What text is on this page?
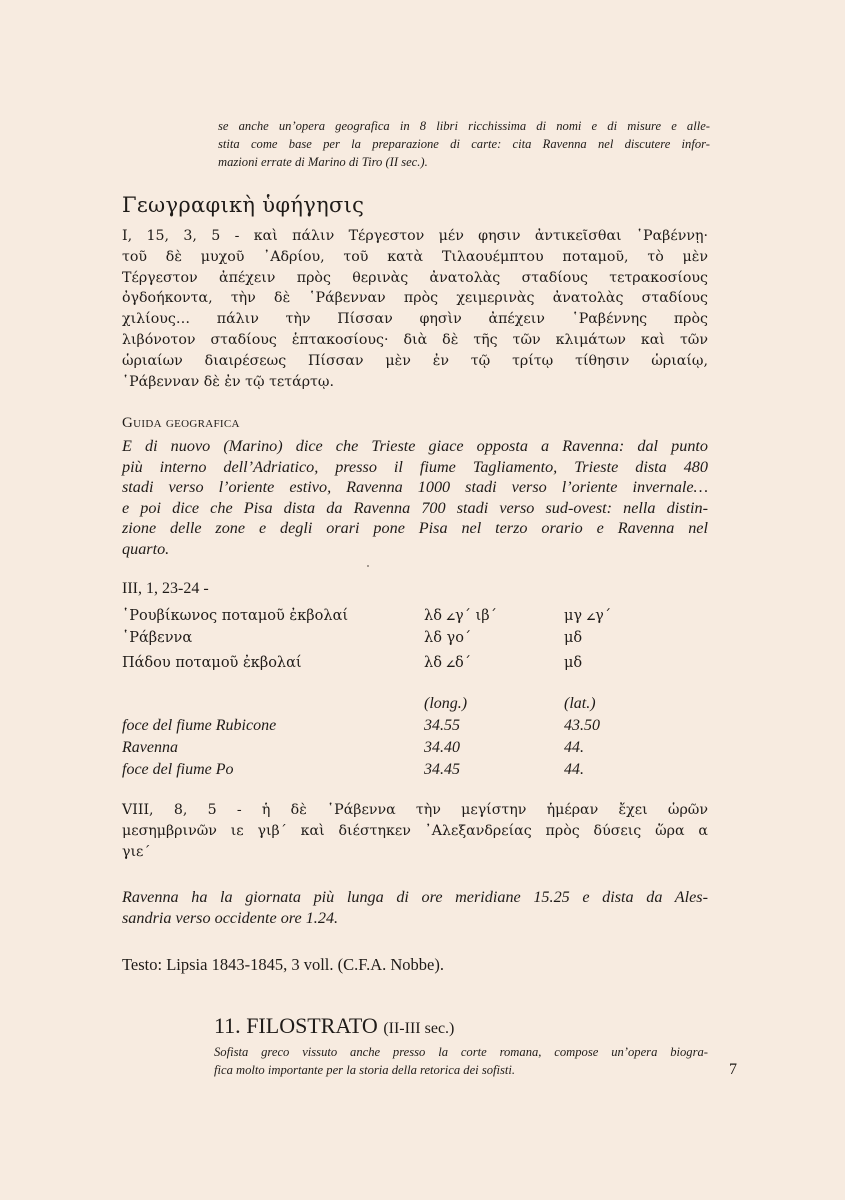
se anche un’opera geografica in 8 libri ricchissima di nomi e di misure e alle-
stita come base per la preparazione di carte: cita Ravenna nel discutere infor-
mazioni errate di Marino di Tiro (II sec.).
Γεωγραφικὴ ὑφήγησις
I, 15, 3, 5 - καὶ πάλιν Τέργεστον μέν φησιν ἀντικεῖσθαι ῾Ραβέννῃ·
τοῦ δὲ μυχοῦ ᾿Αδρίου, τοῦ κατὰ Τιλαουέμπτου ποταμοῦ, τὸ μὲν
Τέργεστον ἀπέχειν πρὸς θερινὰς ἀνατολὰς σταδίους τετρακοσίους
ὀγδοήκοντα, τὴν δὲ ῾Ράβενναν πρὸς χειμερινὰς ἀνατολὰς σταδίους
χιλίους… πάλιν τὴν Πίσσαν φησὶν ἀπέχειν ῾Ραβέννης πρὸς
λιβόνοτον σταδίους ἑπτακοσίους· διὰ δὲ τῆς τῶν κλιμάτων καὶ τῶν
ὡριαίων διαιρέσεως Πίσσαν μὲν ἐν τῷ τρίτῳ τίθησιν ὡριαίῳ,
῾Ράβενναν δὲ ἐν τῷ τετάρτῳ.
Guida geografica
E di nuovo (Marino) dice che Trieste giace opposta a Ravenna: dal punto
più interno dell’Adriatico, presso il fiume Tagliamento, Trieste dista 480
stadi verso l’oriente estivo, Ravenna 1000 stadi verso l’oriente invernale…
e poi dice che Pisa dista da Ravenna 700 stadi verso sud-ovest: nella distin-
zione delle zone e degli orari pone Pisa nel terzo orario e Ravenna nel
quarto.
III, 1, 23-24 -
῾Ρουβίκωνος ποταμοῦ ἐκβολαί	λδ 𐅵γ΄ ιβ΄	μγ 𐅵γ΄
῾Ράβεννα	λδ γο΄	μδ
Πάδου ποταμοῦ ἐκβολαί	λδ 𐅵δ΄	μδ

	(long.)	(lat.)
foce del fiume Rubicone	34.55	43.50
Ravenna	34.40	44.
foce del fiume Po	34.45	44.
VIII, 8, 5 - ἡ δὲ ῾Ράβεννα τὴν μεγίστην ἡμέραν ἔχει ὡρῶν
μεσημβρινῶν ιε γιβ΄ καὶ διέστηκεν ᾿Αλεξανδρείας πρὸς δύσεις ὥρα α
γιε΄
Ravenna ha la giornata più lunga di ore meridiane 15.25 e dista da Ales-
sandria verso occidente ore 1.24.
Testo: Lipsia 1843-1845, 3 voll. (C.F.A. Nobbe).
11. FILOSTRATO (II-III sec.)
Sofista greco vissuto anche presso la corte romana, compose un’opera biogra-
fica molto importante per la storia della retorica dei sofisti.	7
